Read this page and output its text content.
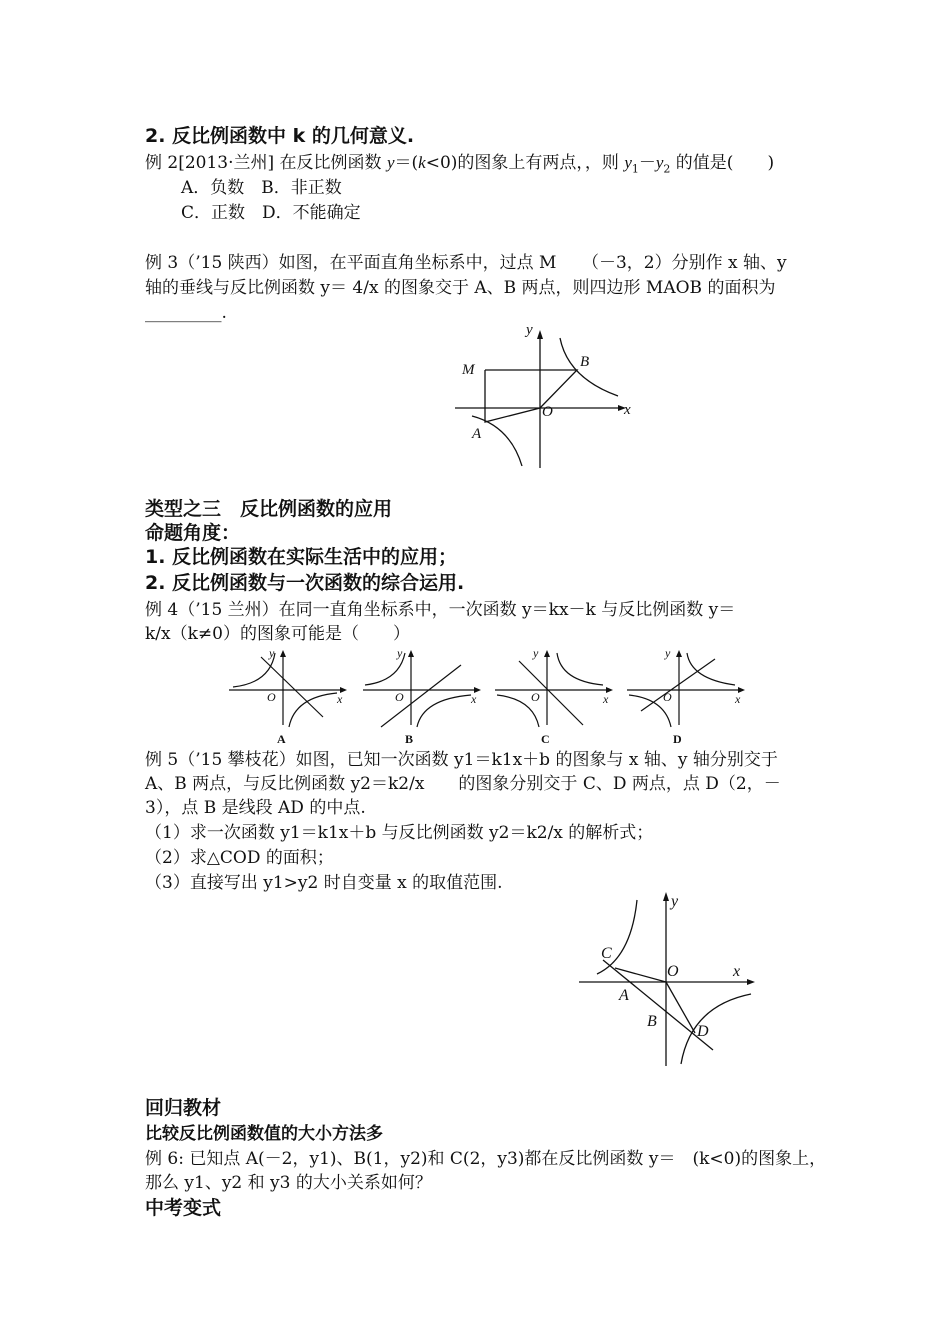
2. 反比例函数中 k 的几何意义.
例 2[2013·兰州] 在反比例函数 y＝(k<0)的图象上有两点，，则 $y_1-y_2$ 的值是(　　)
A．负数　B．非正数
C．正数　D．不能确定
例 3（’15 陕西）如图，在平面直角坐标系中，过点 M　　（－3，2）分别作 x 轴、y
轴的垂线与反比例函数 y＝ 4/x 的图象交于 A、B 两点，则四边形 MAOB 的面积为
_________.
类型之三　反比例函数的应用
命题角度：
1. 反比例函数在实际生活中的应用；
2. 反比例函数与一次函数的综合运用.
例 4（’15 兰州）在同一直角坐标系中，一次函数 y＝kx－k 与反比例函数 y＝
k/x（k≠0）的图象可能是（　　）
例 5（’15 攀枝花）如图，已知一次函数 y1＝k1x＋b 的图象与 x 轴、y 轴分别交于
A、B 两点，与反比例函数 y2＝k2/x　　的图象分别交于 C、D 两点，点 D（2，－
3），点 B 是线段 AD 的中点.
（1）求一次函数 y1＝k1x＋b 与反比例函数 y2＝k2/x 的解析式；
（2）求△COD 的面积；
（3）直接写出 y1>y2 时自变量 x 的取值范围.
回归教材
比较反比例函数值的大小方法多
例 6: 已知点 A(－2，y1)、B(1，y2)和 C(2，y3)都在反比例函数 y＝　(k<0)的图象上，
那么 y1、y2 和 y3 的大小关系如何？
中考变式
M	B
O
A
x
y
O	x
y
A
O	x
y
B
O	x
y
C
O	x
y
D
C
O
A
B
D
x
y
